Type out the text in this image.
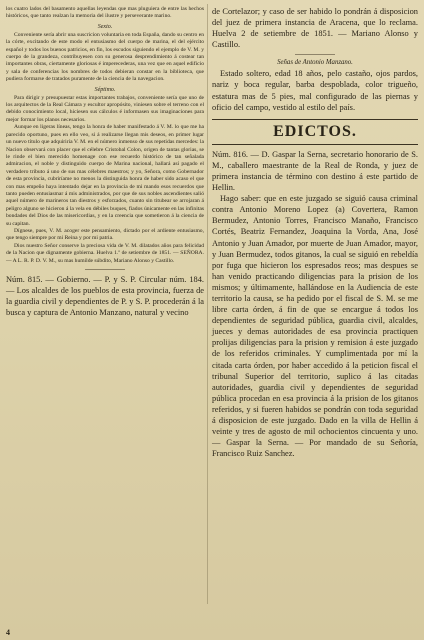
los cuatro lados del basamento aquellas leyendas que mas pluguiera de entre las hechos históricos, que tanto realzan la memoria del ilustre y perseverante marino.

Sexto.

Conveniente sería abrir una suscricion voluntaria en toda España, dando su centro en la córte, excitando de este modo el entusiasmo del cuerpo de marina, el del ejército español y todos los buenos patricios, en fin, los escudos siguiendo el ejemplo de V. M. y cuerpo de la grandeza, contribuyesen con su generosa desprendimiento á costear tan importantes obras, ciertamente gloriosas é imperecederas, una vez que en aquel edificio y sala de conferencias los nombres de todos debieran constar en la biblioteca, que pudiera formarse de tratados puramente de la ciencia de la navegacion.

Séptimo.

Para dirigir y presupuestar estas importantes trabajos, conveniente sería que uno de los arquitectos de la Real Cámara y escultor apropósito, viniesen sobre el terreno con el debido conocimiento local, hiciesen sus cálculos é informasen sus imaginaciones para mejor formar los planos necesarios.

Aunque en ligeras líneas, tengo la honra de haber manifestado á V. M. lo que me ha parecido oportuno, pues en ello veo, si á realizarse llegan mis deseos, en primer lugar un nuevo título que adquiriría V. M. en el número inmenso de sus repetidas mercedes: la Nacion observará con placer que el célebre Cristobal Colon, origen de tantas glorias, se le rinde el bien merecido homenage con ese recuerdo histórico de tan señalada admiracion, el noble y distinguido cuerpo de Marina nacional, hallará así pagado el verdadero tributo á uno de sus mas célebres maestros; y yo, Señora, como Gobernador de esta provincia, cubriríame no menos la distinguida honra de haber sido acaso el que con mas empeño haya intentado dejar en la provincia de mi mando esos recuerdos que tanto pueden entusiasmar á mis administrados, por que de sus nobles ascendientes salió aquel número de marineros tan diestros y esforzados, cuanto sin titubear se arrojaran á peligro alguno se hicieron á la vela en débiles buques, fiados únicamente en las infinitas bondades del Dios de las misericordias, y en la creencia que sometieron á la ciencia de su capitan.

Dígnese, pues, V. M. acoger este pensamiento, dictado por el ardiente entusiasmo, que tengo siempre por mi Reina y por mi patria.

Dios nuestro Señor conserve la preciosa vida de V. M. dilatados años para felicidad de la Nacion que dignamente gobierna. Huelva 1.º de setiembre de 1851. — SEÑORA. — A L. R. P. D. V. M., su mas humilde súbdito, Mariano Alonso y Castillo.

Núm. 815. — Gobierno. — P. y S. P. Circular núm. 184. — Los alcaldes de los pueblos de esta provincia, fuerza de la guardia civil y dependientes de P. y S. P. procederán á la busca y captura de Antonio Manzano, natural y vecino

de Cortelazor; y caso de ser habido lo pondrán á disposicion del juez de primera instancia de Aracena, que lo reclama. Huelva 2 de setiembre de 1851. — Mariano Alonso y Castillo.

Señas de Antonio Manzano.

Estado soltero, edad 18 años, pelo castaño, ojos pardos, nariz y boca regular, barba despoblada, color trigueño, estatura mas de 5 pies, mal configurado de las piernas y oficio del campo, vestido al estilo del país.

EDICTOS.

Núm. 816. — D. Gaspar la Serna, secretario honorario de S. M., caballero maestrante de la Real de Ronda, y juez de primera instancia de término con destino á este partido de Hellin.

Hago saber: que en este juzgado se siguió causa criminal contra Antonio Moreno Lopez (a) Covertera, Ramon Bermudez, Antonio Torres, Francisco Manaño, Francisco Cortés, Beatriz Fernandez, Joaquina la Vorda, Ana, José Antonio y Juan Amador, por muerte de Juan Amador, mayor, y Juan Bermudez, todos gitanos, la cual se siguió en rebeldía por fuga que hicieron los espresados reos; mas despues se han venido practicando diligencias para la prision de los mismos; y últimamente, hallándose en la Audiencia de este territorio la causa, se ha pedido por el fiscal de S. M. se me libre carta órden, á fin de que se encargue á todos los dependientes de seguridad pública, guardia civil, alcaldes, jueces y demas autoridades de esa provincia practiquen prolijas diligencias para la prision y remision á este juzgado de los referidos criminales. Y cumplimentada por mí la citada carta órden, por haber accedido á la peticion fiscal el tribunal Superior del territorio, suplico á las citadas autoridades, guardia civil y dependientes de seguridad pública procedan en esa provincia á la prision de los gitanos referidos, y si fueren habidos se pondrán con toda seguridad á disposicion de este juzgado. Dado en la villa de Hellin á veinte y tres de agosto de mil ochocientos cincuenta y uno. — Gaspar la Serna. — Por mandado de su Señoría, Francisco Ruiz Sanchez.

4
